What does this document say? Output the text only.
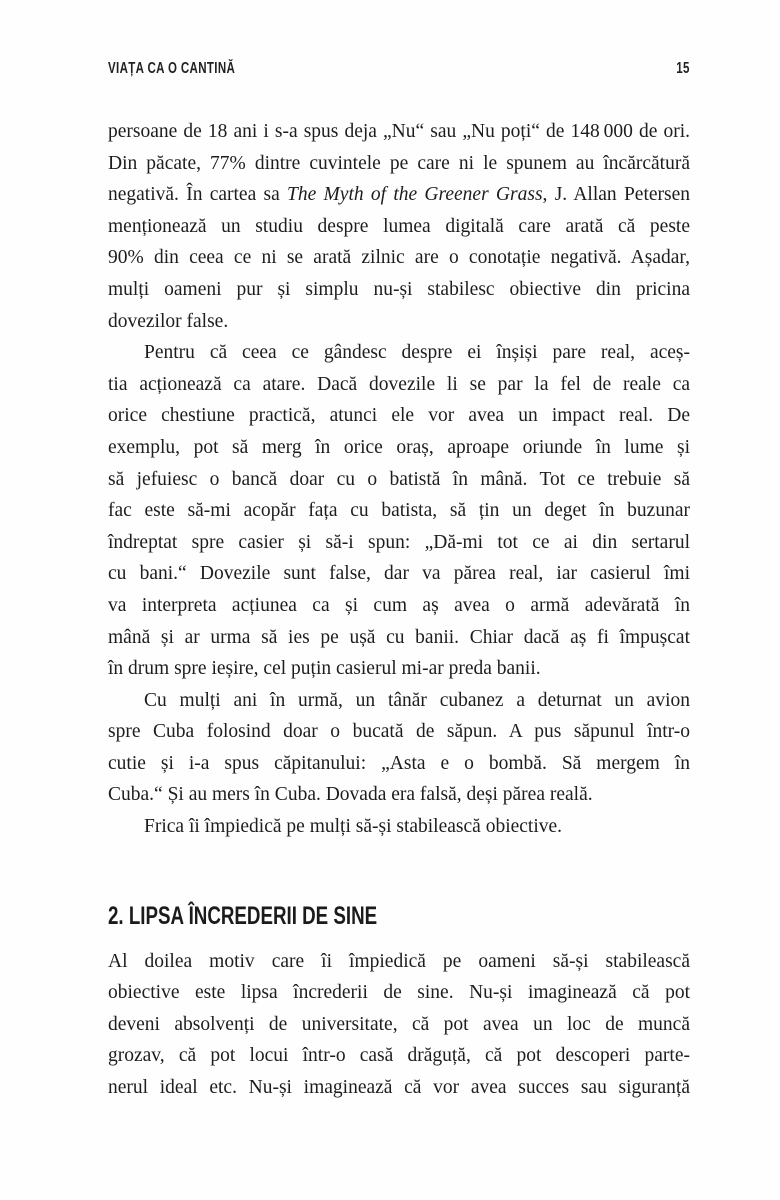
VIAȚA CA O CANTINĂ	15
persoane de 18 ani i s-a spus deja „Nu“ sau „Nu poți“ de 148 000 de ori.
Din păcate, 77% dintre cuvintele pe care ni le spunem au încărcătură
negativă. În cartea sa The Myth of the Greener Grass, J. Allan Petersen
menționează un studiu despre lumea digitală care arată că peste
90% din ceea ce ni se arată zilnic are o conotație negativă. Așadar,
mulți oameni pur și simplu nu-și stabilesc obiective din pricina
dovezilor false.
Pentru că ceea ce gândesc despre ei înșiși pare real, aceș-
tia acționează ca atare. Dacă dovezile li se par la fel de reale ca
orice chestiune practică, atunci ele vor avea un impact real. De
exemplu, pot să merg în orice oraș, aproape oriunde în lume și
să jefuiesc o bancă doar cu o batistă în mână. Tot ce trebuie să
fac este să-mi acopăr fața cu batista, să țin un deget în buzunar
îndreptat spre casier și să-i spun: „Dă-mi tot ce ai din sertarul
cu bani.“ Dovezile sunt false, dar va părea real, iar casierul îmi
va interpreta acțiunea ca și cum aș avea o armă adevărată în
mână și ar urma să ies pe ușă cu banii. Chiar dacă aș fi împușcat
în drum spre ieșire, cel puțin casierul mi-ar preda banii.
Cu mulți ani în urmă, un tânăr cubanez a deturnat un avion
spre Cuba folosind doar o bucată de săpun. A pus săpunul într-o
cutie și i-a spus căpitanului: „Asta e o bombă. Să mergem în
Cuba.“ Și au mers în Cuba. Dovada era falsă, deși părea reală.
Frica îi împiedică pe mulți să-și stabilească obiective.
2. LIPSA ÎNCREDERII DE SINE
Al doilea motiv care îi împiedică pe oameni să-și stabilească
obiective este lipsa încrederii de sine. Nu-și imaginează că pot
deveni absolvenți de universitate, că pot avea un loc de muncă
grozav, că pot locui într-o casă drăguță, că pot descoperi parte-
nerul ideal etc. Nu-și imaginează că vor avea succes sau siguranță
